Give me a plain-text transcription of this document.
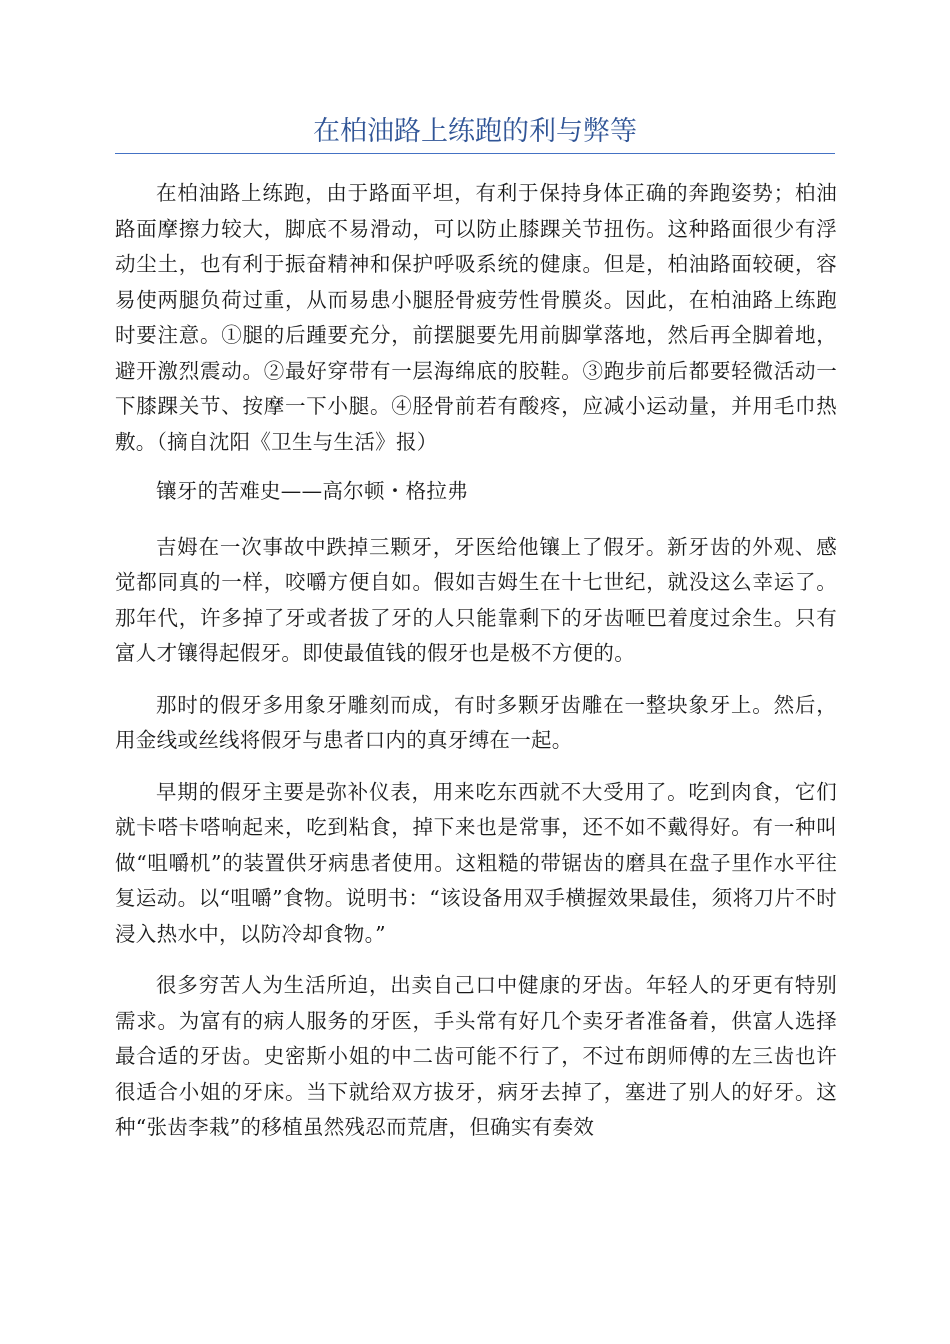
在柏油路上练跑的利与弊等

在柏油路上练跑，由于路面平坦，有利于保持身体正确的奔跑姿势；柏油路面摩擦力较大，脚底不易滑动，可以防止膝踝关节扭伤。这种路面很少有浮动尘土，也有利于振奋精神和保护呼吸系统的健康。但是，柏油路面较硬，容易使两腿负荷过重，从而易患小腿胫骨疲劳性骨膜炎。因此，在柏油路上练跑时要注意。①腿的后踵要充分，前摆腿要先用前脚掌落地，然后再全脚着地，避开激烈震动。②最好穿带有一层海绵底的胶鞋。③跑步前后都要轻微活动一下膝踝关节、按摩一下小腿。④胫骨前若有酸疼，应减小运动量，并用毛巾热敷。（摘自沈阳《卫生与生活》报）

镶牙的苦难史——高尔顿・格拉弗

吉姆在一次事故中跌掉三颗牙，牙医给他镶上了假牙。新牙齿的外观、感觉都同真的一样，咬嚼方便自如。假如吉姆生在十七世纪，就没这么幸运了。那年代，许多掉了牙或者拔了牙的人只能靠剩下的牙齿咂巴着度过余生。只有富人才镶得起假牙。即使最值钱的假牙也是极不方便的。

那时的假牙多用象牙雕刻而成，有时多颗牙齿雕在一整块象牙上。然后，用金线或丝线将假牙与患者口内的真牙缚在一起。

早期的假牙主要是弥补仪表，用来吃东西就不大受用了。吃到肉食，它们就卡嗒卡嗒响起来，吃到粘食，掉下来也是常事，还不如不戴得好。有一种叫做“咀嚼机”的装置供牙病患者使用。这粗糙的带锯齿的磨具在盘子里作水平往复运动。以“咀嚼”食物。说明书：“该设备用双手横握效果最佳，须将刀片不时浸入热水中，以防冷却食物。”

很多穷苦人为生活所迫，出卖自己口中健康的牙齿。年轻人的牙更有特别需求。为富有的病人服务的牙医，手头常有好几个卖牙者准备着，供富人选择最合适的牙齿。史密斯小姐的中二齿可能不行了，不过布朗师傅的左三齿也许很适合小姐的牙床。当下就给双方拔牙，病牙去掉了，塞进了别人的好牙。这种“张齿李栽”的移植虽然残忍而荒唐，但确实有奏效
